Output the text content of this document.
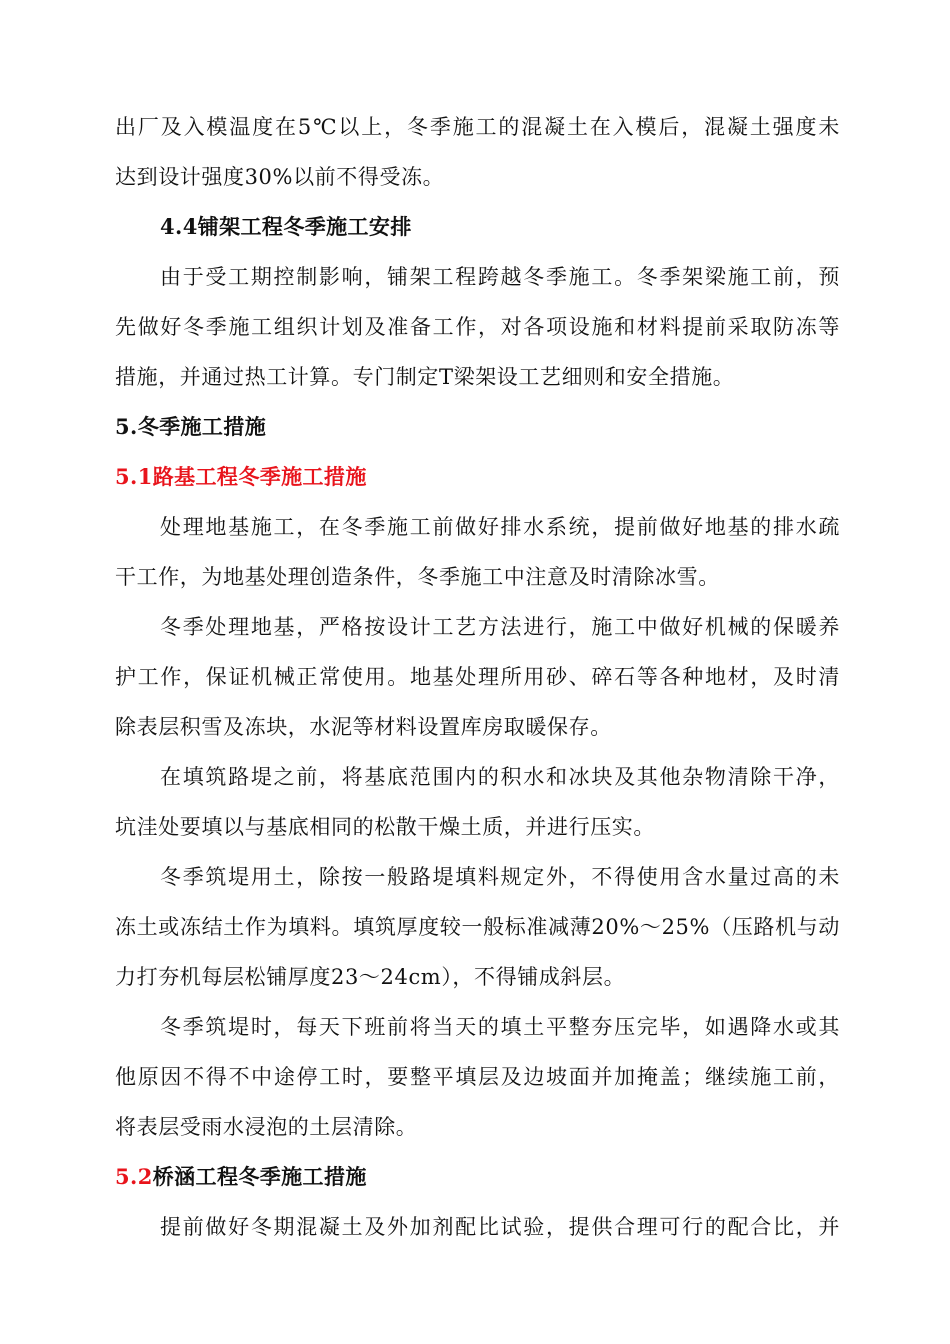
出厂及入模温度在5℃以上，冬季施工的混凝土在入模后，混凝土强度未
达到设计强度30%以前不得受冻。
4.4铺架工程冬季施工安排
由于受工期控制影响，铺架工程跨越冬季施工。冬季架梁施工前，预
先做好冬季施工组织计划及准备工作，对各项设施和材料提前采取防冻等
措施，并通过热工计算。专门制定T梁架设工艺细则和安全措施。
5.冬季施工措施
5.1路基工程冬季施工措施
处理地基施工，在冬季施工前做好排水系统，提前做好地基的排水疏
干工作，为地基处理创造条件，冬季施工中注意及时清除冰雪。
冬季处理地基，严格按设计工艺方法进行，施工中做好机械的保暖养
护工作，保证机械正常使用。地基处理所用砂、碎石等各种地材，及时清
除表层积雪及冻块，水泥等材料设置库房取暖保存。
在填筑路堤之前，将基底范围内的积水和冰块及其他杂物清除干净，
坑洼处要填以与基底相同的松散干燥土质，并进行压实。
冬季筑堤用土，除按一般路堤填料规定外，不得使用含水量过高的未
冻土或冻结土作为填料。填筑厚度较一般标准减薄20%～25%（压路机与动
力打夯机每层松铺厚度23～24cm），不得铺成斜层。
冬季筑堤时，每天下班前将当天的填土平整夯压完毕，如遇降水或其
他原因不得不中途停工时，要整平填层及边坡面并加掩盖；继续施工前，
将表层受雨水浸泡的土层清除。
5.2桥涵工程冬季施工措施
提前做好冬期混凝土及外加剂配比试验，提供合理可行的配合比，并
